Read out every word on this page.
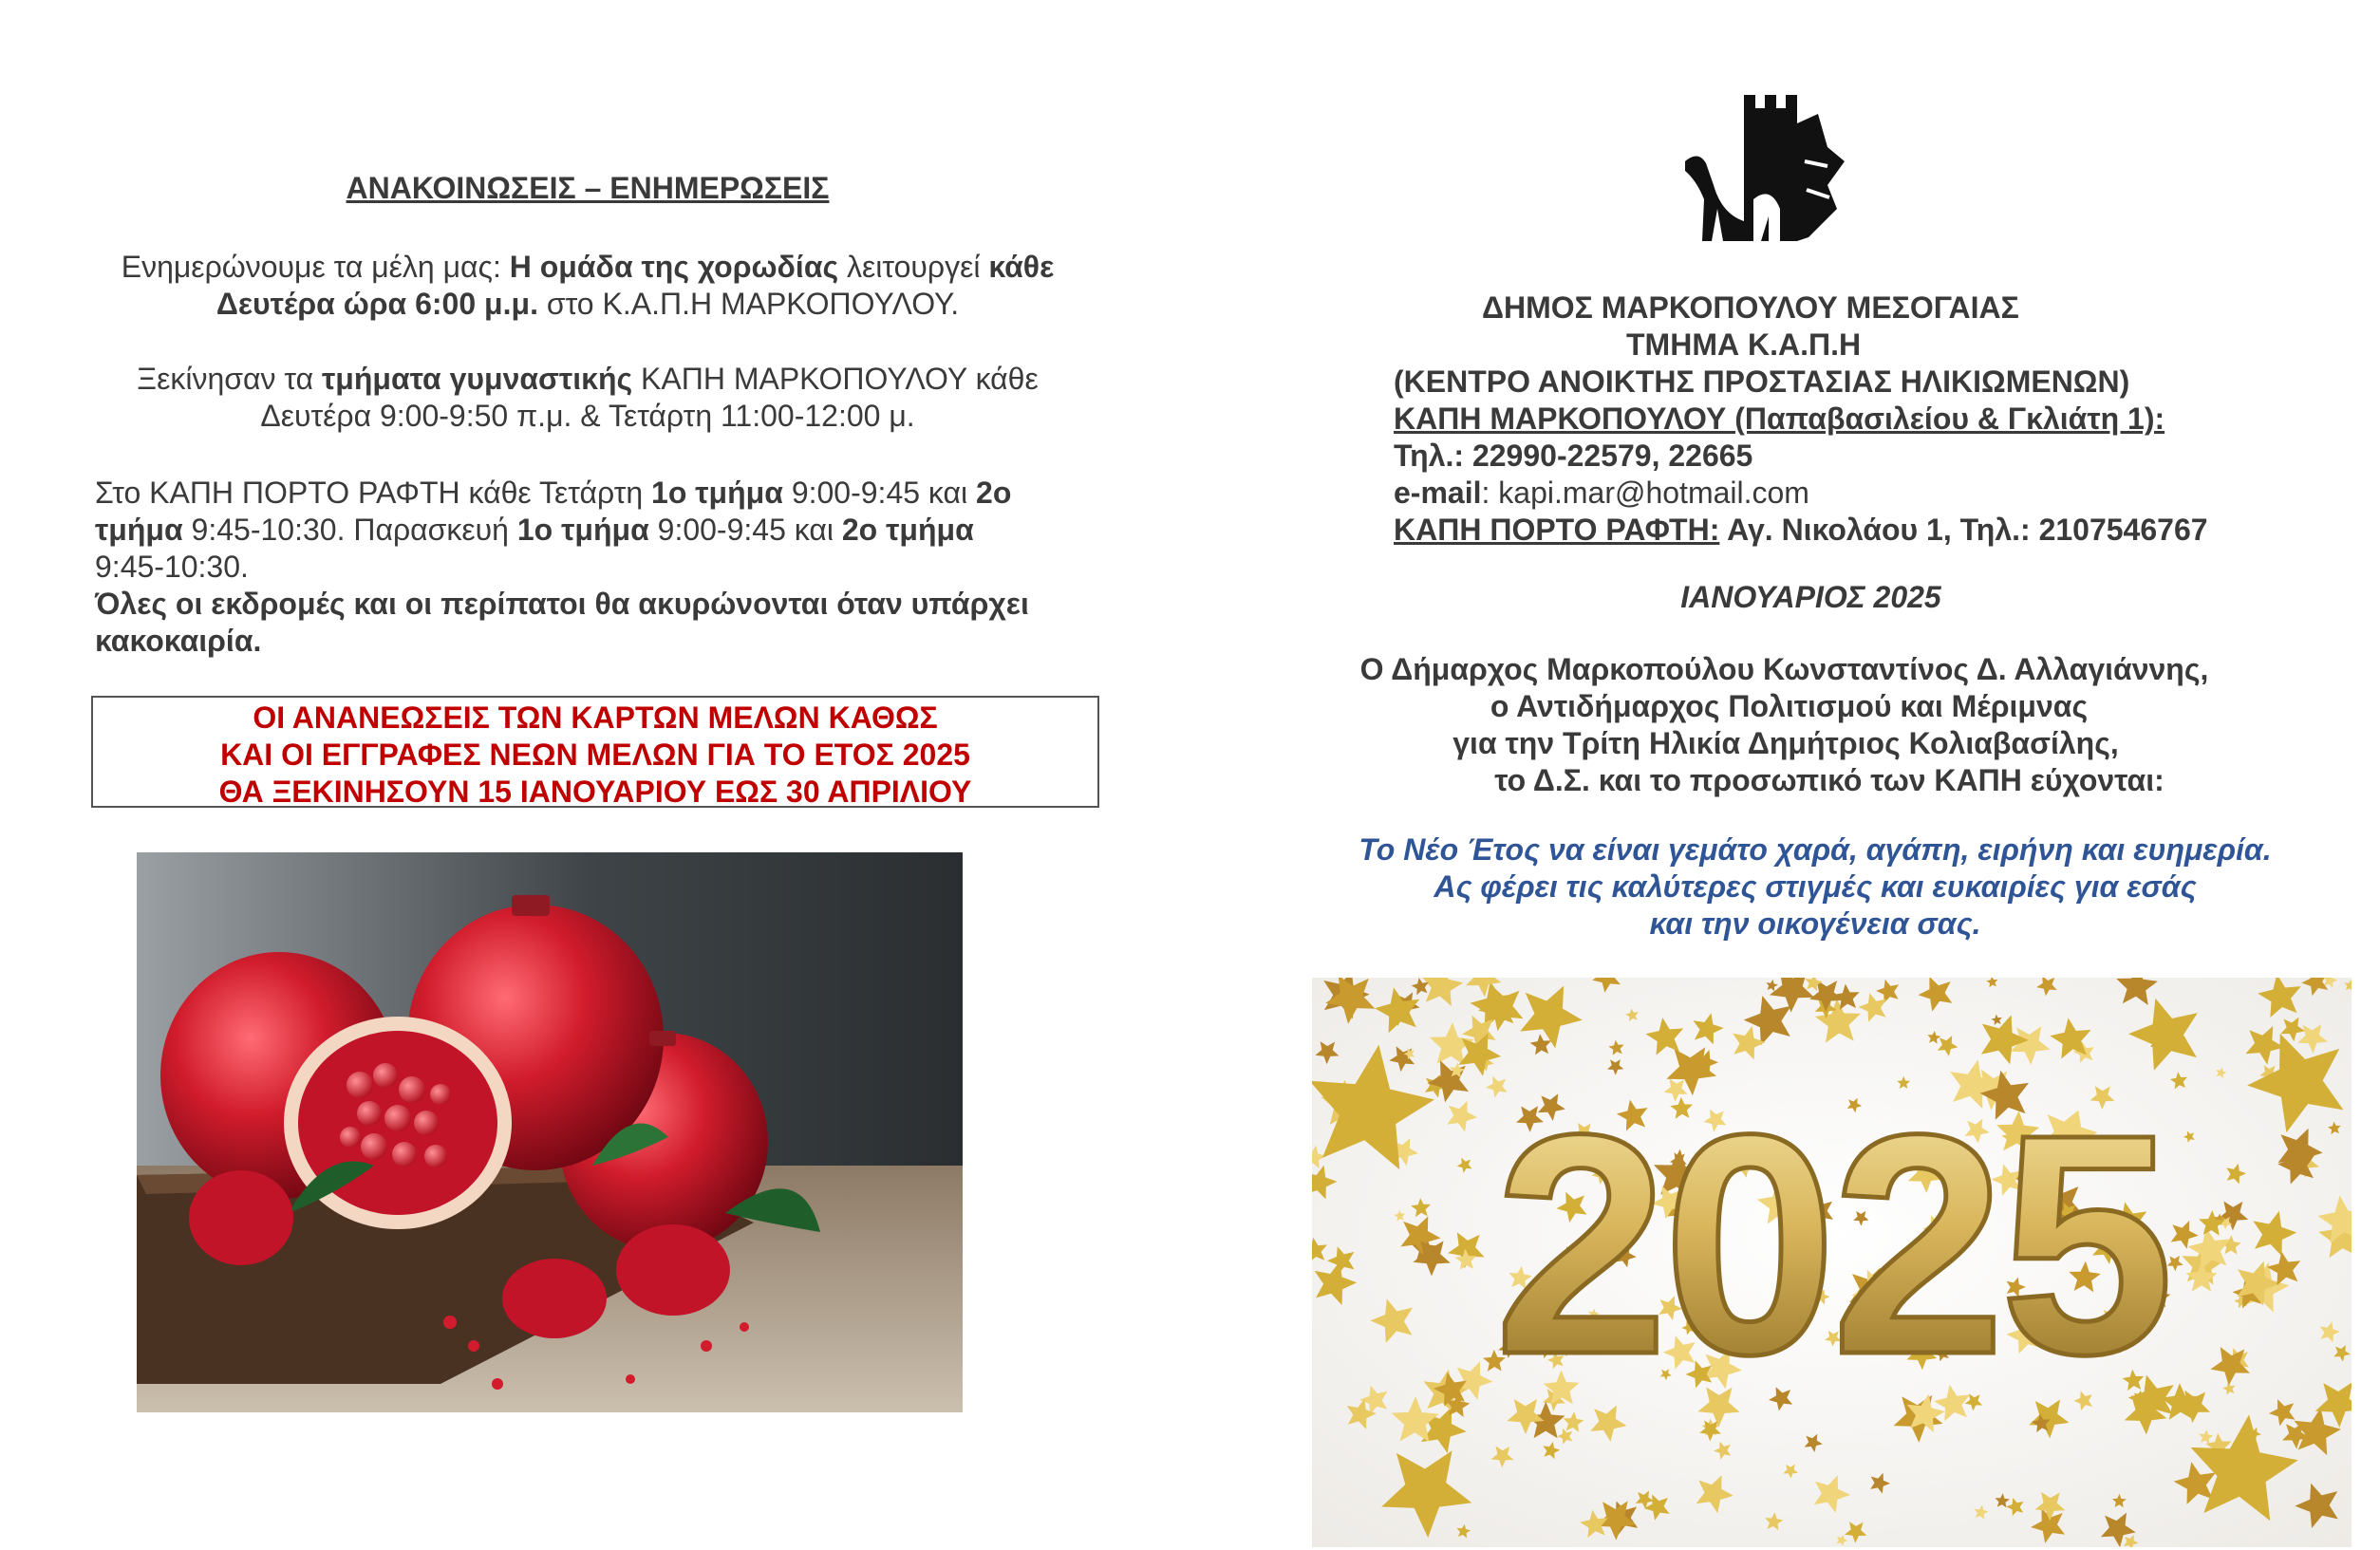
ΑΝΑΚΟΙΝΩΣΕΙΣ – ΕΝΗΜΕΡΩΣΕΙΣ
Ενημερώνουμε τα μέλη μας: Η ομάδα της χορωδίας λειτουργεί κάθε
Δευτέρα ώρα 6:00 μ.μ. στο Κ.Α.Π.Η ΜΑΡΚΟΠΟΥΛΟΥ.
Ξεκίνησαν τα τμήματα γυμναστικής ΚΑΠΗ ΜΑΡΚΟΠΟΥΛΟΥ κάθε
Δευτέρα 9:00-9:50 π.μ. & Τετάρτη 11:00-12:00 μ.
Στο ΚΑΠΗ ΠΟΡΤΟ ΡΑΦΤΗ κάθε Τετάρτη 1ο τμήμα 9:00-9:45 και 2ο
τμήμα 9:45-10:30. Παρασκευή 1ο τμήμα 9:00-9:45 και 2ο τμήμα
9:45-10:30.
Όλες οι εκδρομές και οι περίπατοι θα ακυρώνονται όταν υπάρχει
κακοκαιρία.
ΟΙ ΑΝΑΝΕΩΣΕΙΣ ΤΩΝ ΚΑΡΤΩΝ ΜΕΛΩΝ ΚΑΘΩΣ
ΚΑΙ ΟΙ ΕΓΓΡΑΦΕΣ ΝΕΩΝ ΜΕΛΩΝ ΓΙΑ ΤΟ ΕΤΟΣ 2025
ΘΑ ΞΕΚΙΝΗΣΟΥΝ 15 ΙΑΝΟΥΑΡΙΟΥ ΕΩΣ 30 ΑΠΡΙΛΙΟΥ
ΔΗΜΟΣ ΜΑΡΚΟΠΟΥΛΟΥ ΜΕΣΟΓΑΙΑΣ
ΤΜΗΜΑ Κ.Α.Π.Η
(ΚΕΝΤΡΟ ΑΝΟΙΚΤΗΣ ΠΡΟΣΤΑΣΙΑΣ ΗΛΙΚΙΩΜΕΝΩΝ)
ΚΑΠΗ ΜΑΡΚΟΠΟΥΛΟΥ (Παπαβασιλείου & Γκλιάτη 1):
Τηλ.: 22990-22579, 22665
e-mail: kapi.mar@hotmail.com
ΚΑΠΗ ΠΟΡΤΟ ΡΑΦΤΗ: Αγ. Νικολάου 1, Τηλ.: 2107546767
ΙΑΝΟΥΑΡΙΟΣ 2025
Ο Δήμαρχος Μαρκοπούλου Κωνσταντίνος Δ. Αλλαγιάννης,
ο Αντιδήμαρχος Πολιτισμού και Μέριμνας
για την Τρίτη Ηλικία Δημήτριος Κολιαβασίλης,
το Δ.Σ. και το προσωπικό των ΚΑΠΗ εύχονται:
Το Νέο Έτος να είναι γεμάτο χαρά, αγάπη, ειρήνη και ευημερία.
Ας φέρει τις καλύτερες στιγμές και ευκαιρίες για εσάς
και την οικογένεια σας.
2025
